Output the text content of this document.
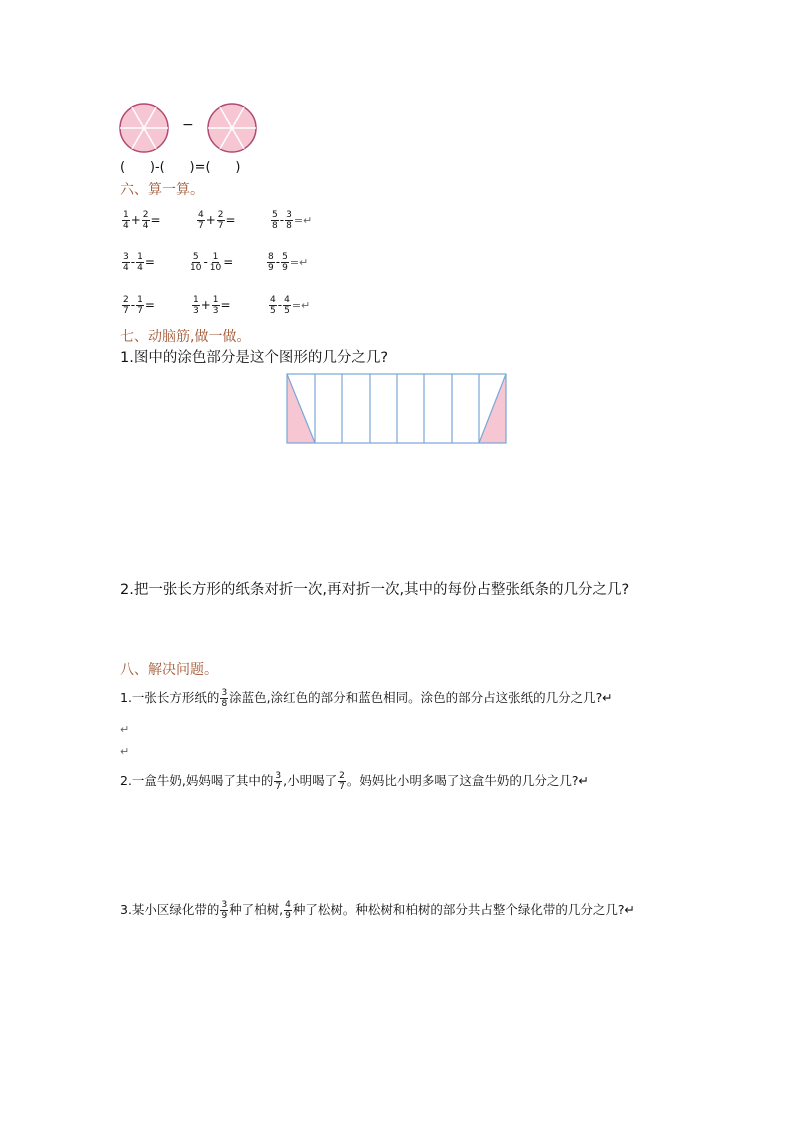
−
(      )-(      )=(      )
六、算一算。
$\frac{1}{4} + \frac{2}{4}$ =	$\frac{4}{7} + \frac{2}{7}$ =	$\frac{5}{8} - \frac{3}{8}$ =↵
$\frac{3}{4} - \frac{1}{4}$ =	$\frac{5}{10} - \frac{1}{10}$ =	$\frac{8}{9} - \frac{5}{9}$ =↵
$\frac{2}{7} - \frac{1}{7}$ =	$\frac{1}{3} + \frac{1}{3}$ =	$\frac{4}{5} - \frac{4}{5}$ =↵
七、动脑筋,做一做。
1.图中的涂色部分是这个图形的几分之几?
2.把一张长方形的纸条对折一次,再对折一次,其中的每份占整张纸条的几分之几?
八、解决问题。
1.一张长方形纸的 $\frac{3}{8}$ 涂蓝色,涂红色的部分和蓝色相同。涂色的部分占这张纸的几分之几?↵
↵
↵
2.一盒牛奶,妈妈喝了其中的 $\frac{3}{7}$ ,小明喝了 $\frac{2}{7}$ 。妈妈比小明多喝了这盒牛奶的几分之几?↵
3.某小区绿化带的 $\frac{3}{9}$ 种了柏树, $\frac{4}{9}$ 种了松树。种松树和柏树的部分共占整个绿化带的几分之几?↵
